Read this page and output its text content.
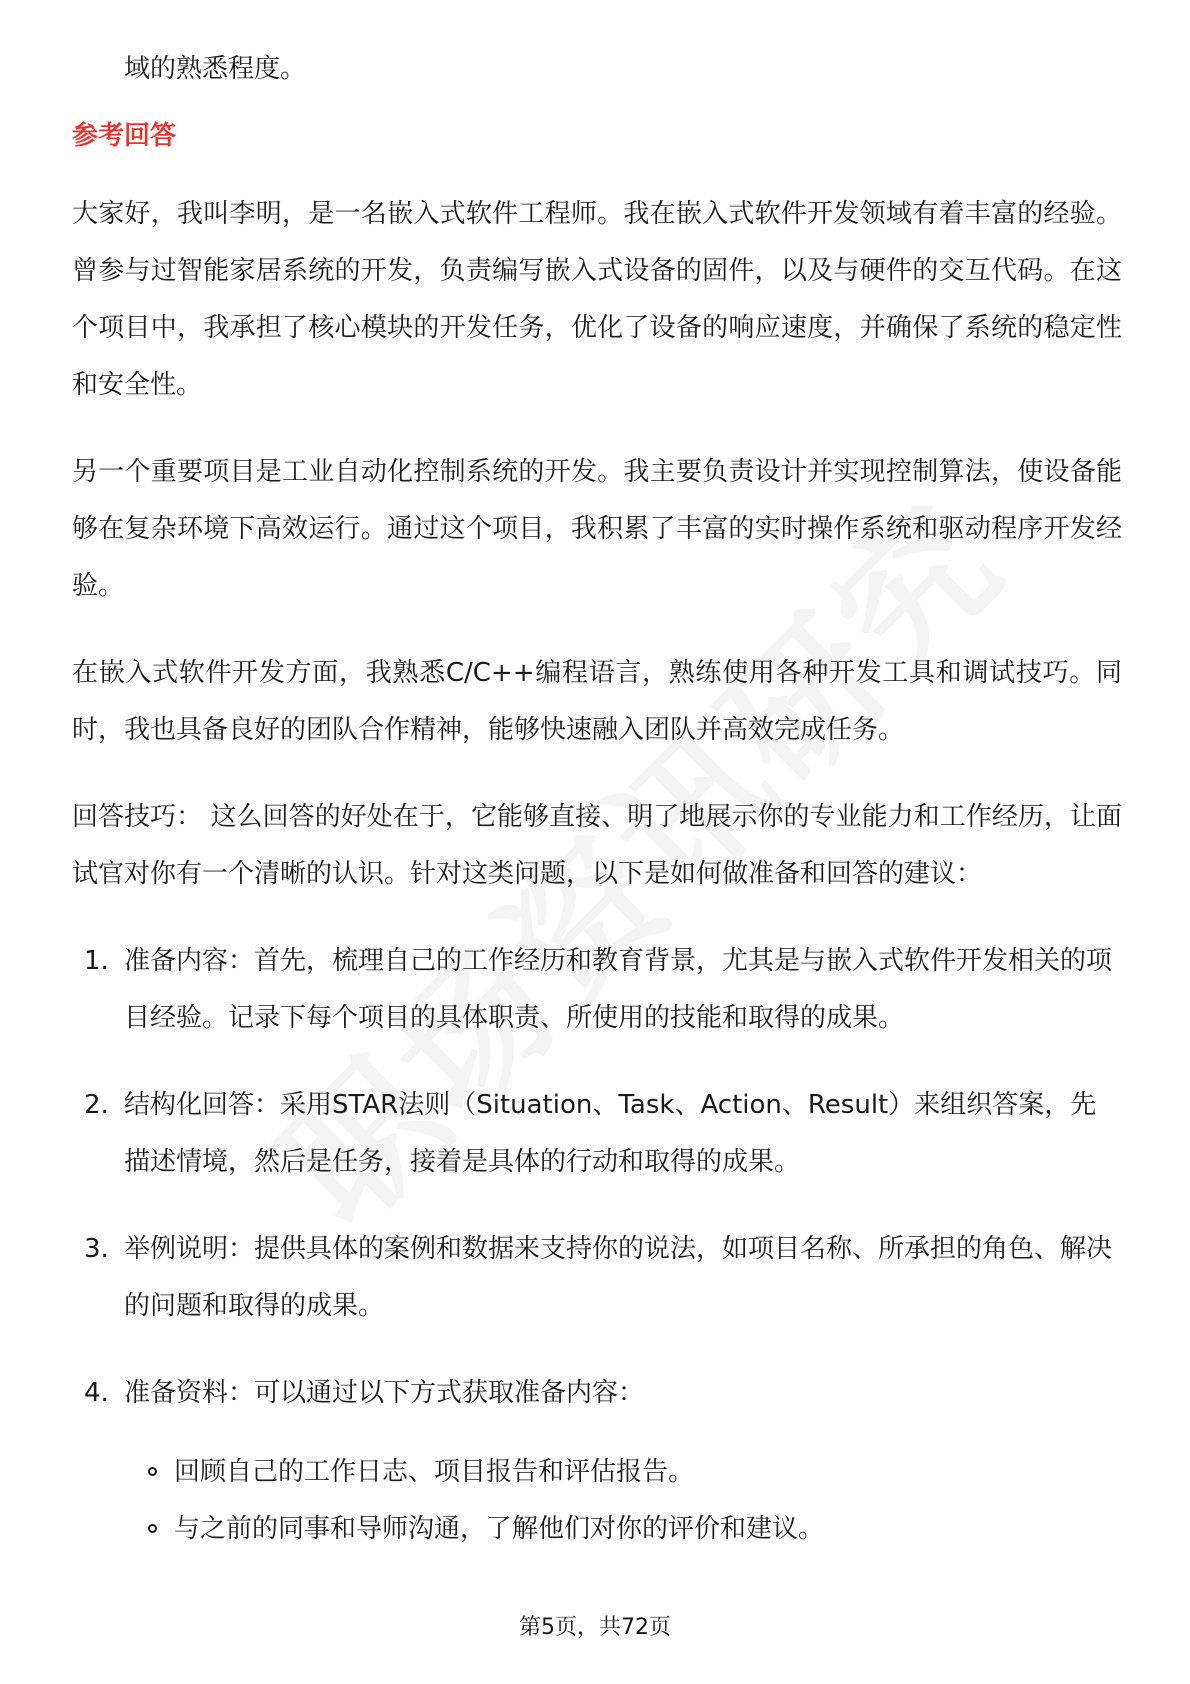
域的熟悉程度。

参考回答

大家好，我叫李明，是一名嵌入式软件工程师。我在嵌入式软件开发领域有着丰富的经验。曾参与过智能家居系统的开发，负责编写嵌入式设备的固件，以及与硬件的交互代码。在这个项目中，我承担了核心模块的开发任务，优化了设备的响应速度，并确保了系统的稳定性和安全性。

另一个重要项目是工业自动化控制系统的开发。我主要负责设计并实现控制算法，使设备能够在复杂环境下高效运行。通过这个项目，我积累了丰富的实时操作系统和驱动程序开发经验。

在嵌入式软件开发方面，我熟悉C/C++编程语言，熟练使用各种开发工具和调试技巧。同时，我也具备良好的团队合作精神，能够快速融入团队并高效完成任务。

回答技巧： 这么回答的好处在于，它能够直接、明了地展示你的专业能力和工作经历，让面试官对你有一个清晰的认识。针对这类问题，以下是如何做准备和回答的建议：

1. 准备内容：首先，梳理自己的工作经历和教育背景，尤其是与嵌入式软件开发相关的项目经验。记录下每个项目的具体职责、所使用的技能和取得的成果。
2. 结构化回答：采用STAR法则（Situation、Task、Action、Result）来组织答案，先描述情境，然后是任务，接着是具体的行动和取得的成果。
3. 举例说明：提供具体的案例和数据来支持你的说法，如项目名称、所承担的角色、解决的问题和取得的成果。
4. 准备资料：可以通过以下方式获取准备内容：
回顾自己的工作日志、项目报告和评估报告。
与之前的同事和导师沟通，了解他们对你的评价和建议。
第5页，共72页
